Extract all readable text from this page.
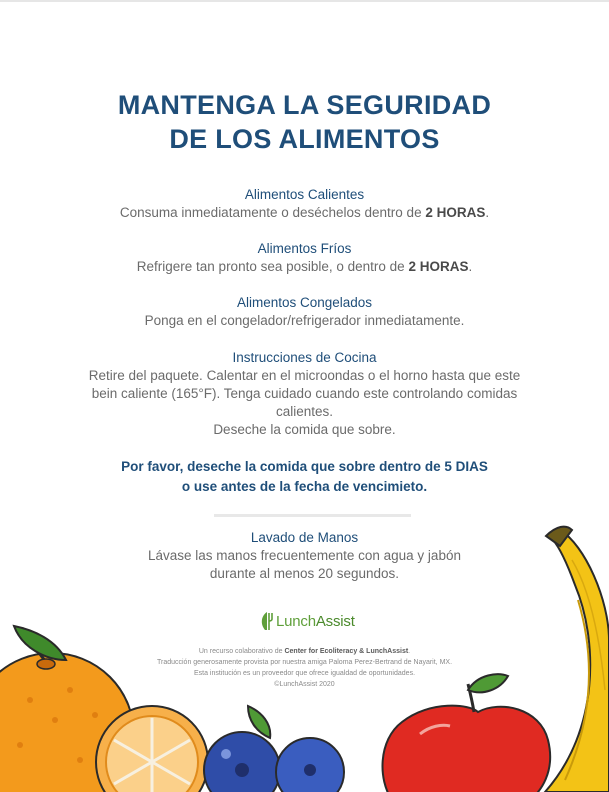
MANTENGA LA SEGURIDAD
DE LOS ALIMENTOS
Alimentos Calientes
Consuma inmediatamente o deséchelos dentro de 2 HORAS.
Alimentos Fríos
Refrigere tan pronto sea posible, o dentro de 2 HORAS.
Alimentos Congelados
Ponga en el congelador/refrigerador inmediatamente.
Instrucciones de Cocina
Retire del paquete. Calentar en el microondas o el horno hasta que este
bein caliente (165°F). Tenga cuidado cuando este controlando comidas
calientes.
Deseche la comida que sobre.
Por favor, deseche la comida que sobre dentro de 5 DIAS
o use antes de la fecha de vencimieto.
Lavado de Manos
Lávase las manos frecuentemente con agua y jabón
durante al menos 20 segundos.
LunchAssist
Un recurso colaborativo de Center for Ecoliteracy & LunchAssist.
Traducción generosamente provista por nuestra amiga Paloma Perez-Bertrand de Nayarit, MX.
Esta institución es un proveedor que ofrece igualdad de oportunidades.
©LunchAssist 2020
